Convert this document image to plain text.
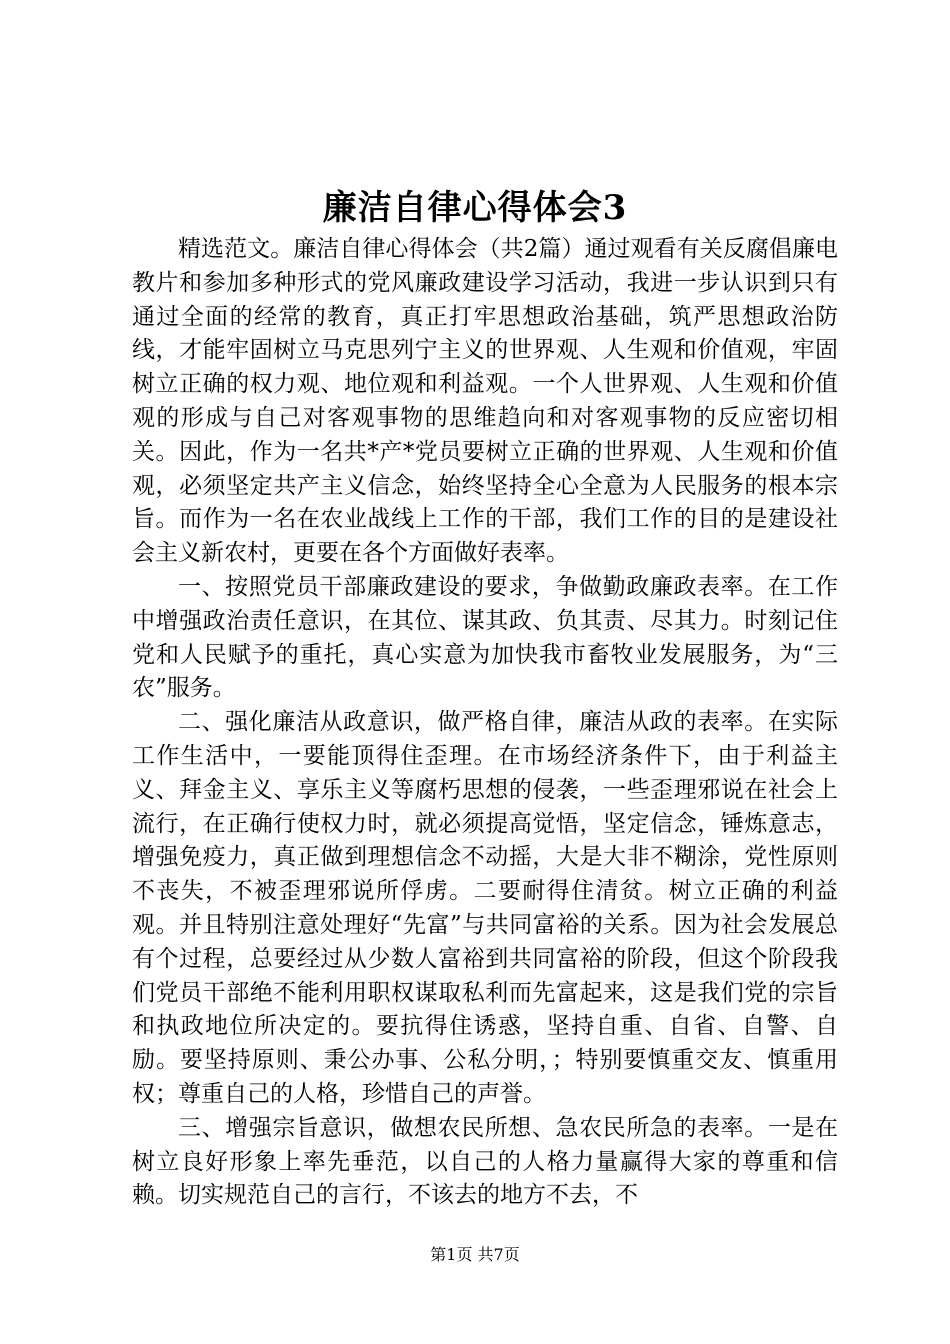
廉洁自律心得体会3

精选范文。廉洁自律心得体会（共2篇）通过观看有关反腐倡廉电教片和参加多种形式的党风廉政建设学习活动，我进一步认识到只有通过全面的经常的教育，真正打牢思想政治基础，筑严思想政治防线，才能牢固树立马克思列宁主义的世界观、人生观和价值观，牢固树立正确的权力观、地位观和利益观。一个人世界观、人生观和价值观的形成与自己对客观事物的思维趋向和对客观事物的反应密切相关。因此，作为一名共*产*党员要树立正确的世界观、人生观和价值观，必须坚定共产主义信念，始终坚持全心全意为人民服务的根本宗旨。而作为一名在农业战线上工作的干部，我们工作的目的是建设社会主义新农村，更要在各个方面做好表率。

一、按照党员干部廉政建设的要求，争做勤政廉政表率。在工作中增强政治责任意识，在其位、谋其政、负其责、尽其力。时刻记住党和人民赋予的重托，真心实意为加快我市畜牧业发展服务，为“三农”服务。

二、强化廉洁从政意识，做严格自律，廉洁从政的表率。在实际工作生活中，一要能顶得住歪理。在市场经济条件下，由于利益主义、拜金主义、享乐主义等腐朽思想的侵袭，一些歪理邪说在社会上流行，在正确行使权力时，就必须提高觉悟，坚定信念，锤炼意志，增强免疫力，真正做到理想信念不动摇，大是大非不糊涂，党性原则不丧失，不被歪理邪说所俘虏。二要耐得住清贫。树立正确的利益观。并且特别注意处理好“先富”与共同富裕的关系。因为社会发展总有个过程，总要经过从少数人富裕到共同富裕的阶段，但这个阶段我们党员干部绝不能利用职权谋取私利而先富起来，这是我们党的宗旨和执政地位所决定的。要抗得住诱惑，坚持自重、自省、自警、自励。要坚持原则、秉公办事、公私分明，；特别要慎重交友、慎重用权；尊重自己的人格，珍惜自己的声誉。

三、增强宗旨意识，做想农民所想、急农民所急的表率。一是在树立良好形象上率先垂范，以自己的人格力量赢得大家的尊重和信赖。切实规范自己的言行，不该去的地方不去，不

第1页 共7页
